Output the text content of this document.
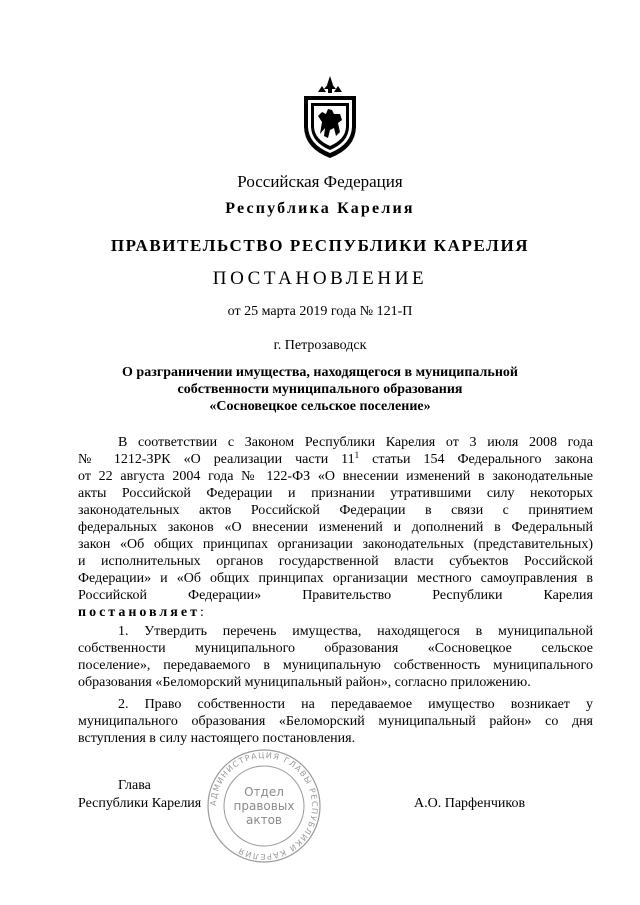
Российская Федерация
Республика Карелия
ПРАВИТЕЛЬСТВО РЕСПУБЛИКИ КАРЕЛИЯ
ПОСТАНОВЛЕНИЕ
от 25 марта 2019 года № 121-П
г. Петрозаводск
О разграничении имущества, находящегося в муниципальной
собственности муниципального образования
«Сосновецкое сельское поселение»
В соответствии с Законом Республики Карелия от 3 июля 2008 года
№ 1212-ЗРК «О реализации части $11^1$ статьи 154 Федерального закона
от 22 августа 2004 года № 122-ФЗ «О внесении изменений в законодательные
акты Российской Федерации и признании утратившими силу некоторых
законодательных актов Российской Федерации в связи с принятием
федеральных законов «О внесении изменений и дополнений в Федеральный
закон «Об общих принципах организации законодательных (представительных)
и исполнительных органов государственной власти субъектов Российской
Федерации» и «Об общих принципах организации местного самоуправления в
Российской Федерации» Правительство Республики Карелия
постановляет:
1. Утвердить перечень имущества, находящегося в муниципальной
собственности муниципального образования «Сосновецкое сельское
поселение», передаваемого в муниципальную собственность муниципального
образования «Беломорский муниципальный район», согласно приложению.
2. Право собственности на передаваемое имущество возникает у
муниципального образования «Беломорский муниципальный район» со дня
вступления в силу настоящего постановления.
АДМИНИСТРАЦИЯ ГЛАВЫ РЕСПУБЛИКИ КАРЕЛИЯ
Отдел
правовых
актов
Глава
Республики Карелия	А.О. Парфенчиков
